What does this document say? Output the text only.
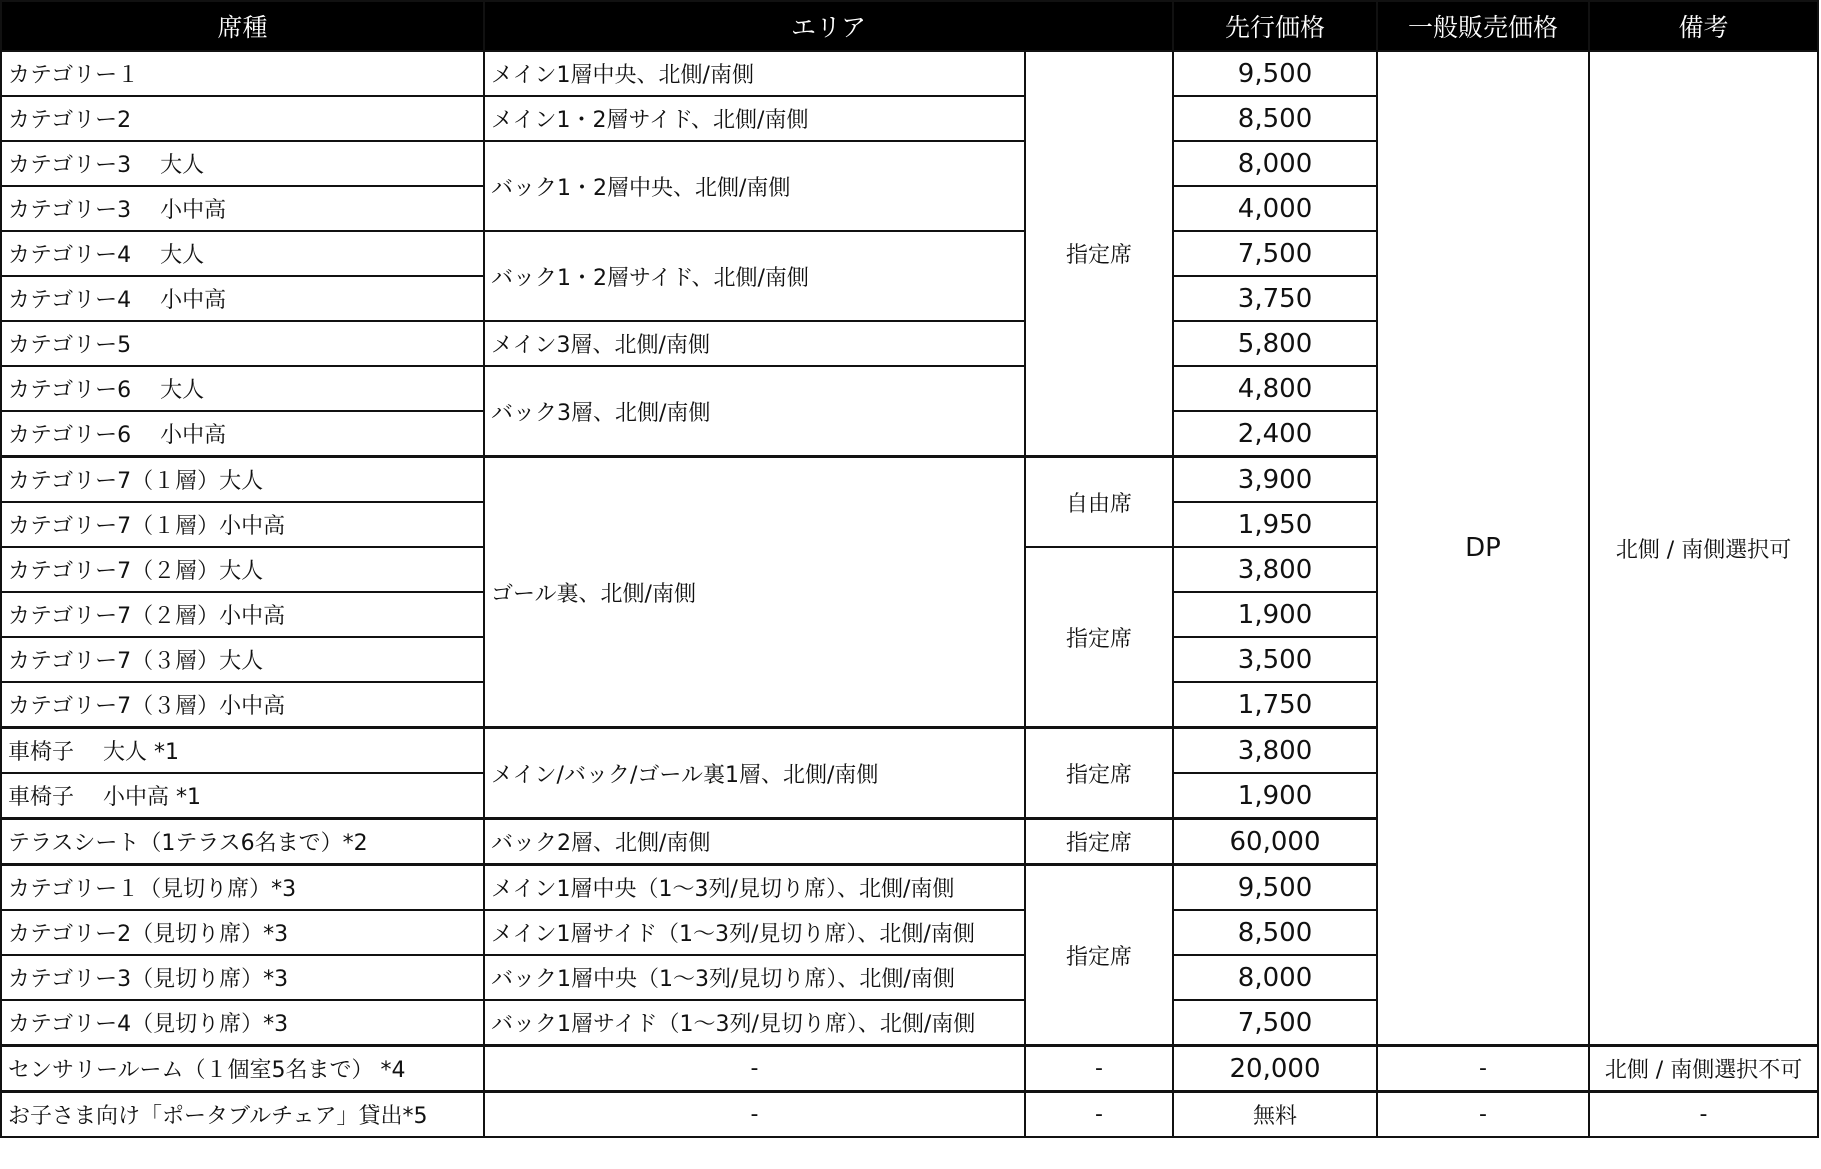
席種	エリア		先行価格	一般販売価格	備考
カテゴリー１	メイン1層中央、北側/南側	指定席	9,500	DP	北側 / 南側選択可
カテゴリー2	メイン1・2層サイド、北側/南側		8,500		
カテゴリー3　 大人	バック1・2層中央、北側/南側		8,000		
カテゴリー3　 小中高			4,000		
カテゴリー4　 大人	バック1・2層サイド、北側/南側		7,500		
カテゴリー4　 小中高			3,750		
カテゴリー5	メイン3層、北側/南側		5,800		
カテゴリー6　 大人	バック3層、北側/南側		4,800		
カテゴリー6　 小中高			2,400		
カテゴリー7（１層）大人	ゴール裏、北側/南側	自由席	3,900		
カテゴリー7（１層）小中高			1,950		
カテゴリー7（２層）大人		指定席	3,800		
カテゴリー7（２層）小中高			1,900		
カテゴリー7（３層）大人			3,500		
カテゴリー7（３層）小中高			1,750		
車椅子　 大人 *1	メイン/バック/ゴール裏1層、北側/南側	指定席	3,800		
車椅子　 小中高 *1			1,900		
テラスシート（1テラス6名まで）*2	バック2層、北側/南側	指定席	60,000		
カテゴリー１（見切り席）*3	メイン1層中央（1～3列/見切り席）、北側/南側	指定席	9,500		
カテゴリー2（見切り席）*3	メイン1層サイド（1～3列/見切り席）、北側/南側		8,500		
カテゴリー3（見切り席）*3	バック1層中央（1～3列/見切り席）、北側/南側		8,000		
カテゴリー4（見切り席）*3	バック1層サイド（1～3列/見切り席）、北側/南側		7,500		
センサリールーム（１個室5名まで） *4	-	-	20,000	-	北側 / 南側選択不可
お子さま向け「ポータブルチェア」貸出*5	-	-	無料	-	-
